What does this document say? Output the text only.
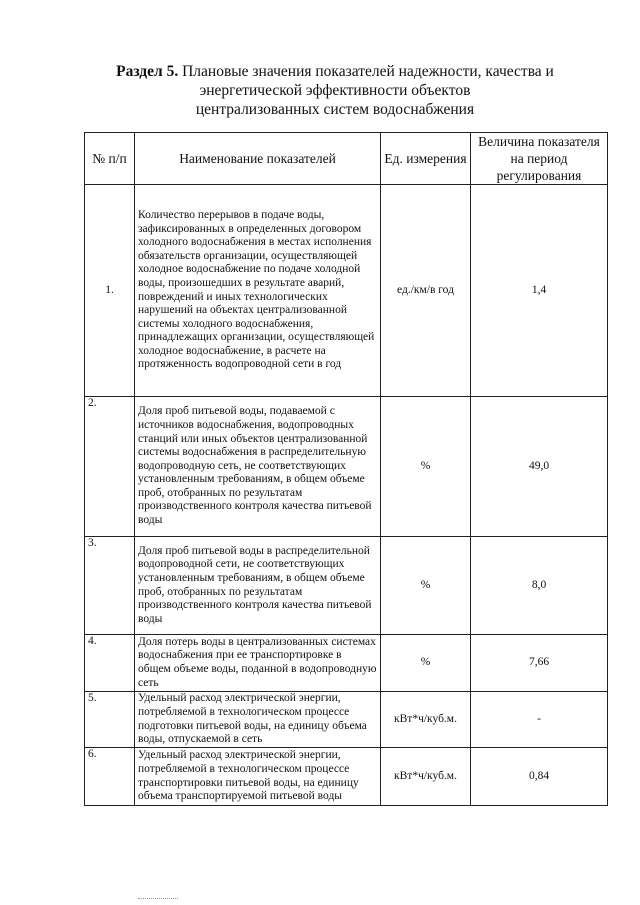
Раздел 5. Плановые значения показателей надежности, качества и
энергетической эффективности объектов
централизованных систем водоснабжения
№ п/п	Наименование показателей	Ед. измерения	Величина показателя на период регулирования
1.	Количество перерывов в подаче воды, зафиксированных в определенных договором холодного водоснабжения в местах исполнения обязательств организации, осуществляющей холодное водоснабжение по подаче холодной воды, произошедших в результате аварий, повреждений и иных технологических нарушений на объектах централизованной системы холодного водоснабжения, принадлежащих организации, осуществляющей холодное водоснабжение, в расчете на протяженность водопроводной сети в год	ед./км/в год	1,4
2.	Доля проб питьевой воды, подаваемой с источников водоснабжения, водопроводных станций или иных объектов централизованной системы водоснабжения в распределительную водопроводную сеть, не соответствующих установленным требованиям, в общем объеме проб, отобранных по результатам производственного контроля качества питьевой воды	%	49,0
3.	Доля проб питьевой воды в распределительной водопроводной сети, не соответствующих установленным требованиям, в общем объеме проб, отобранных по результатам производственного контроля качества питьевой воды	%	8,0
4.	Доля потерь воды в централизованных системах водоснабжения при ее транспортировке в общем объеме воды, поданной в водопроводную сеть	%	7,66
5.	Удельный расход электрической энергии, потребляемой в технологическом процессе подготовки питьевой воды, на единицу объема воды, отпускаемой в сеть	кВт*ч/куб.м.	-
6.	Удельный расход электрической энергии, потребляемой в технологическом процессе транспортировки питьевой воды, на единицу объема транспортируемой питьевой воды	кВт*ч/куб.м.	0,84
